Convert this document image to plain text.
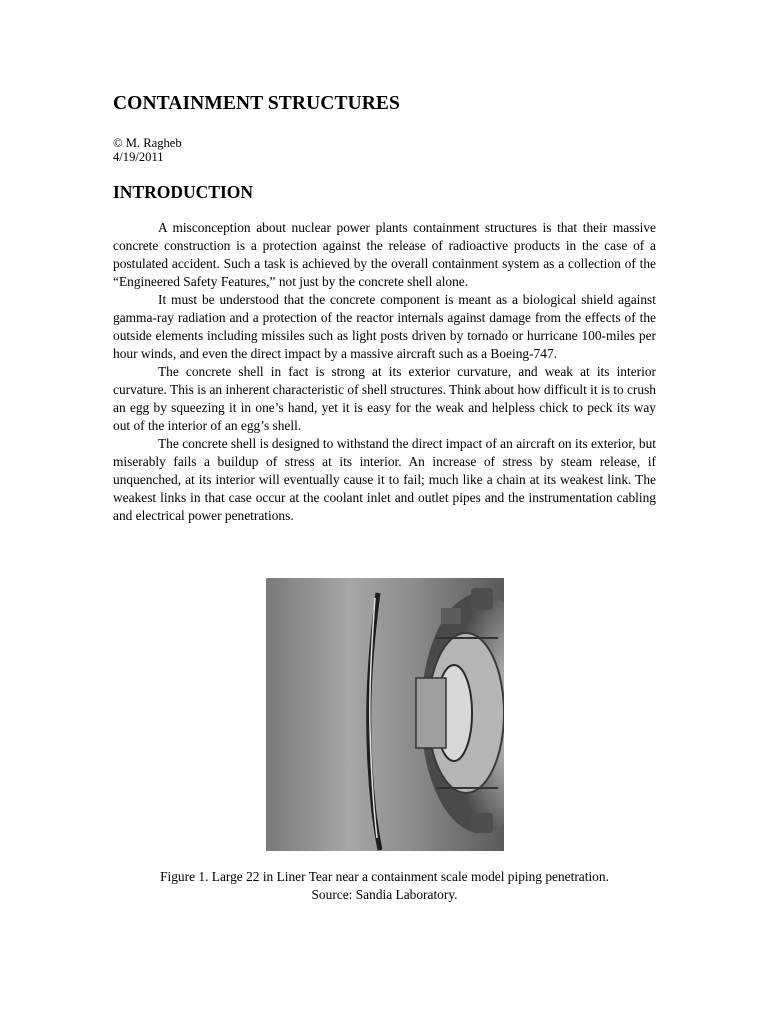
CONTAINMENT STRUCTURES
© M. Ragheb
4/19/2011
INTRODUCTION

A misconception about nuclear power plants containment structures is that their massive concrete construction is a protection against the release of radioactive products in the case of a postulated accident. Such a task is achieved by the overall containment system as a collection of the “Engineered Safety Features,” not just by the concrete shell alone.

It must be understood that the concrete component is meant as a biological shield against gamma-ray radiation and a protection of the reactor internals against damage from the effects of the outside elements including missiles such as light posts driven by tornado or hurricane 100-miles per hour winds, and even the direct impact by a massive aircraft such as a Boeing-747.

The concrete shell in fact is strong at its exterior curvature, and weak at its interior curvature. This is an inherent characteristic of shell structures. Think about how difficult it is to crush an egg by squeezing it in one’s hand, yet it is easy for the weak and helpless chick to peck its way out of the interior of an egg’s shell.

The concrete shell is designed to withstand the direct impact of an aircraft on its exterior, but miserably fails a buildup of stress at its interior. An increase of stress by steam release, if unquenched, at its interior will eventually cause it to fail; much like a chain at its weakest link. The weakest links in that case occur at the coolant inlet and outlet pipes and the instrumentation cabling and electrical power penetrations.

Figure 1. Large 22 in Liner Tear near a containment scale model piping penetration.
Source: Sandia Laboratory.
